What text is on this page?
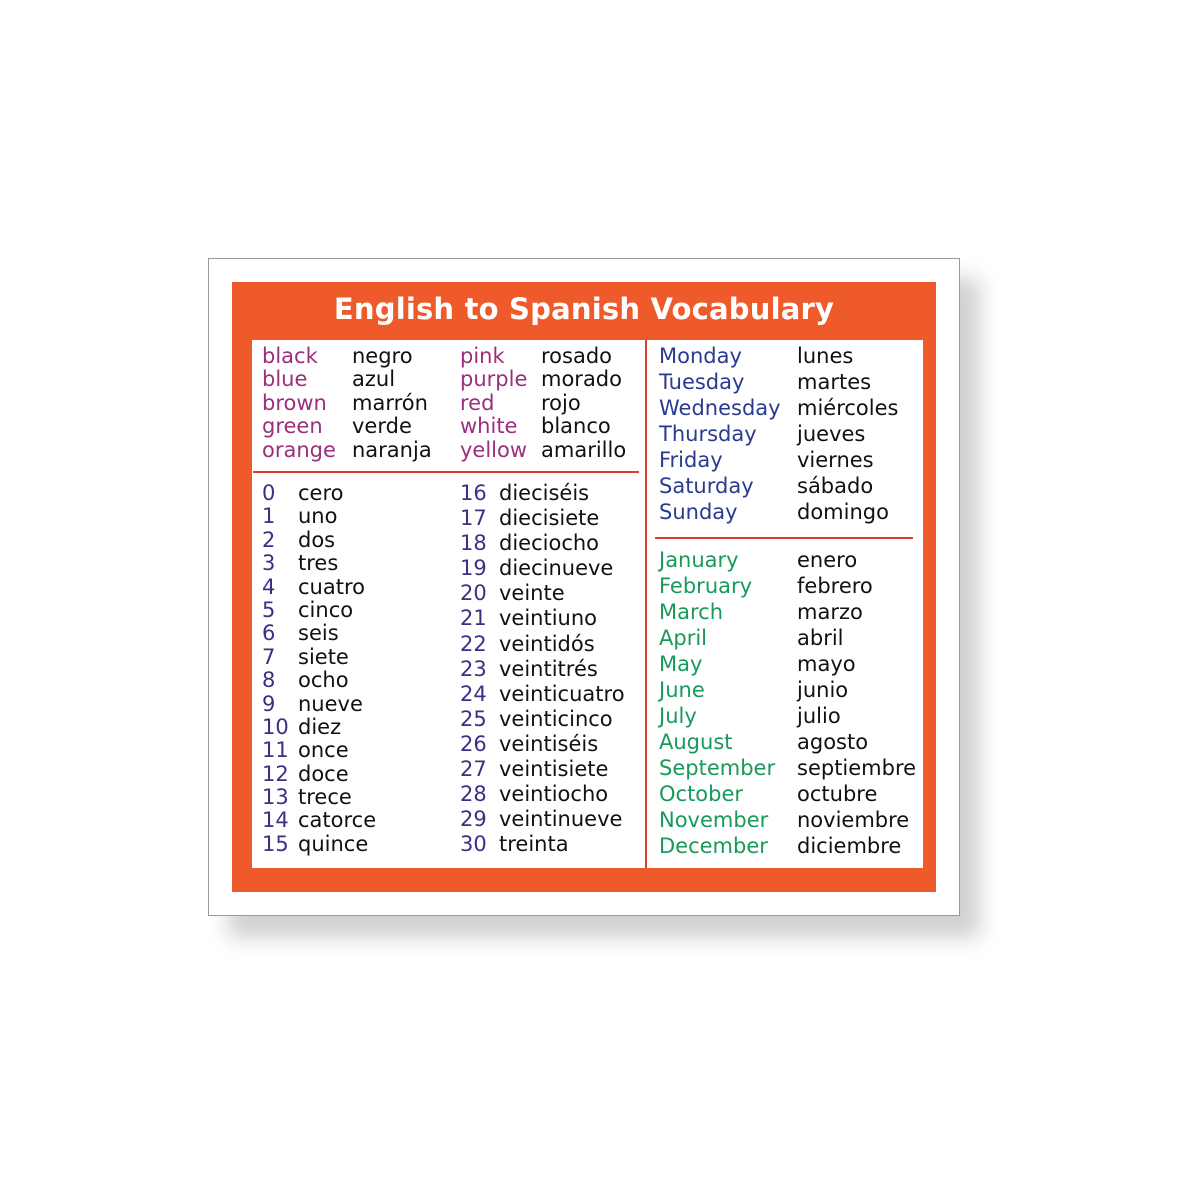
English to Spanish Vocabulary
black negro
blue azul
brown marrón
green verde
orange naranja
pink rosado
purple morado
red rojo
white blanco
yellow amarillo
0 cero
1 uno
2 dos
3 tres
4 cuatro
5 cinco
6 seis
7 siete
8 ocho
9 nueve
10 diez
11 once
12 doce
13 trece
14 catorce
15 quince
16 dieciséis
17 diecisiete
18 dieciocho
19 diecinueve
20 veinte
21 veintiuno
22 veintidós
23 veintitrés
24 veinticuatro
25 veinticinco
26 veintiséis
27 veintisiete
28 veintiocho
29 veintinueve
30 treinta
Monday	lunes
Tuesday	martes
Wednesday miércoles
Thursday jueves
Friday	viernes
Saturday sábado
Sunday	domingo
January	enero
February febrero
March	marzo
April	abril
May	mayo
June	junio
July	julio
August	agosto
September septiembre
October	octubre
November noviembre
December diciembre
